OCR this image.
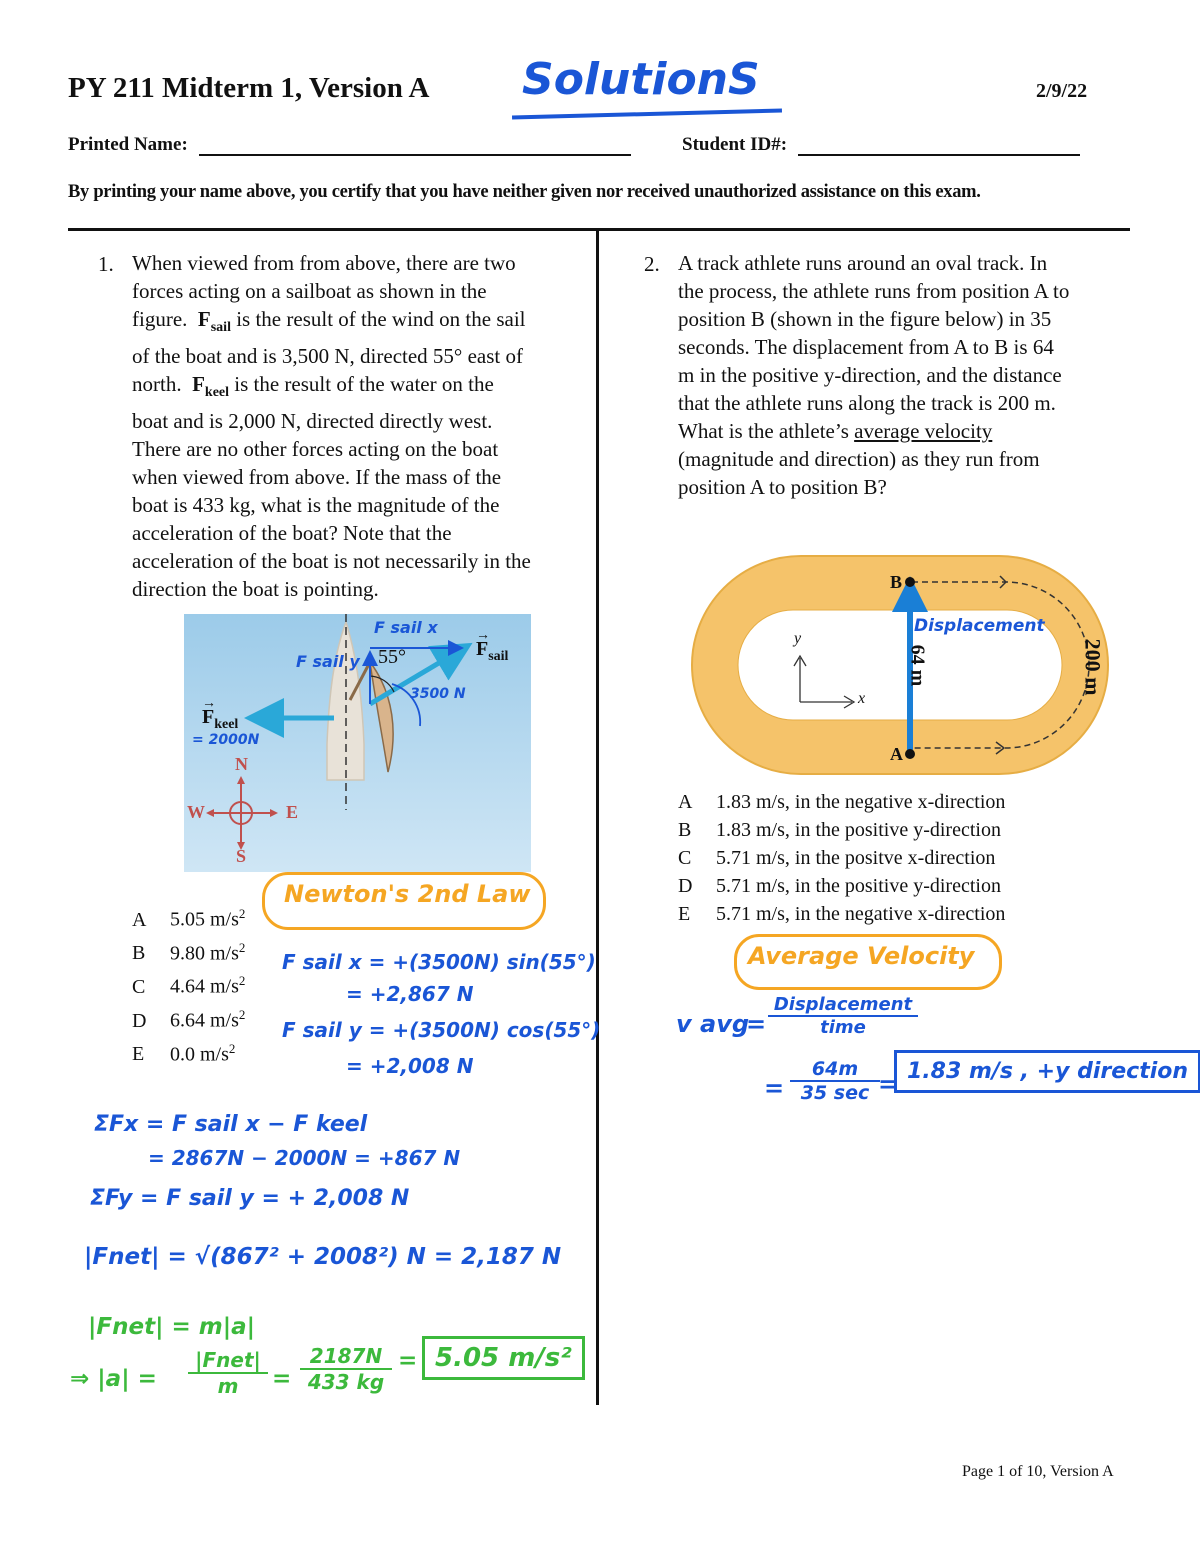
PY 211 Midterm 1, Version A SolutionS	2/9/22
Printed Name:	Student ID#:
By printing your name above, you certify that you have neither given nor received unauthorized assistance on this exam.
1. When viewed from from above, there are two
forces acting on a sailboat as shown in the
figure. $F_{sail}$ is the result of the wind on the sail
of the boat and is 3,500 N, directed 55° east of
north. $F_{keel}$ is the result of the water on the
boat and is 2,000 N, directed directly west.
There are no other forces acting on the boat
when viewed from above. If the mass of the
boat is 433 kg, what is the magnitude of the
acceleration of the boat? Note that the
acceleration of the boat is not necessarily in the
direction the boat is pointing.
$F_{sail}$
→
$F_{keel}$
→
55°
N
S
E
W
F sail x
F sail y
3500 N
= 2000N
A 5.05 $m/s^2$
B 9.80 $m/s^2$
C 4.64 $m/s^2$
D 6.64 $m/s^2$
E 0.0 $m/s^2$
Newton's 2nd Law
F sail x = +(3500N) sin(55°)
= +2,867 N
F sail y = +(3500N) cos(55°)
= +2,008 N
ΣFx = F sail x − F keel
= 2867N − 2000N = +867 N
ΣFy = F sail y = + 2,008 N
|Fnet| = √(867² + 2008²) N = 2,187 N
|Fnet| = m|a|
⇒ |a| =
|Fnet|
m	= $\frac{2187N}{433 kg} = 5.05$ m/s²
2. A track athlete runs around an oval track. In
the process, the athlete runs from position A to
position B (shown in the figure below) in 35
seconds. The displacement from A to B is 64
m in the positive y-direction, and the distance
that the athlete runs along the track is 200 m.
What is the athlete’s average velocity
(magnitude and direction) as they run from
position A to position B?
B
A
64 m	200 m
y
x
Displacement
A 1.83 m/s, in the negative x-direction
B 1.83 m/s, in the positive y-direction
C 5.71 m/s, in the positve x-direction
D 5.71 m/s, in the positive y-direction
E 5.71 m/s, in the negative x-direction
Average Velocity
v avg
=
Displacement
time
=
64m
35 sec = 1.83 m/s , +y direction
Page 1 of 10, Version A
